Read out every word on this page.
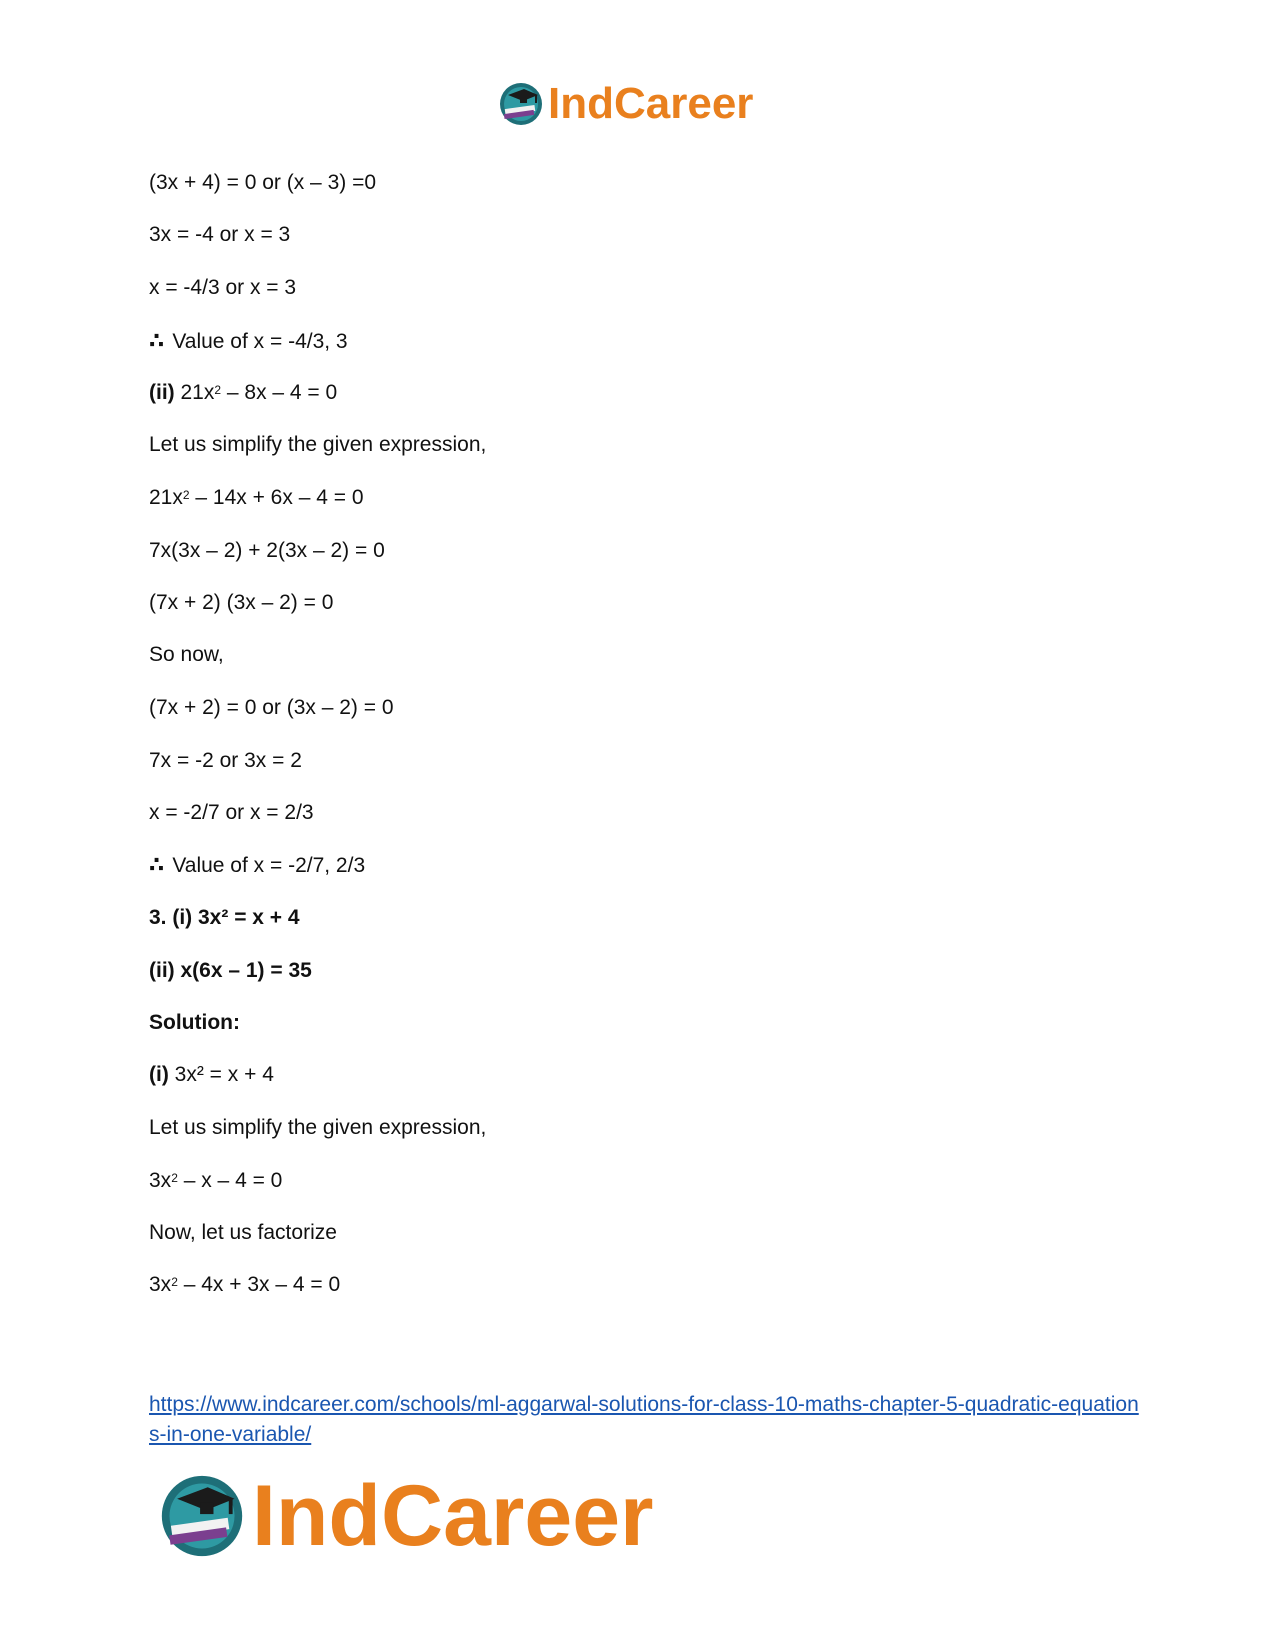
IndCareer
(3x + 4) = 0 or (x – 3) =0
3x = -4 or x = 3
x = -4/3 or x = 3
∴ Value of x = -4/3, 3
(ii) $21x^2 - 8x - 4 = 0$
Let us simplify the given expression,
$21x^2 - 14x + 6x - 4 = 0$
7x(3x – 2) + 2(3x – 2) = 0
(7x + 2) (3x – 2) = 0
So now,
(7x + 2) = 0 or (3x – 2) = 0
7x = -2 or 3x = 2
x = -2/7 or x = 2/3
∴ Value of x = -2/7, 2/3
3. (i) 3x² = x + 4
(ii) x(6x – 1) = 35
Solution:
(i) 3x² = x + 4
Let us simplify the given expression,
$3x^2 - x - 4 = 0$
Now, let us factorize
$3x^2 - 4x + 3x - 4 = 0$
https://www.indcareer.com/schools/ml-aggarwal-solutions-for-class-10-maths-chapter-5-quadratic-equations-in-one-variable/
IndCareer
